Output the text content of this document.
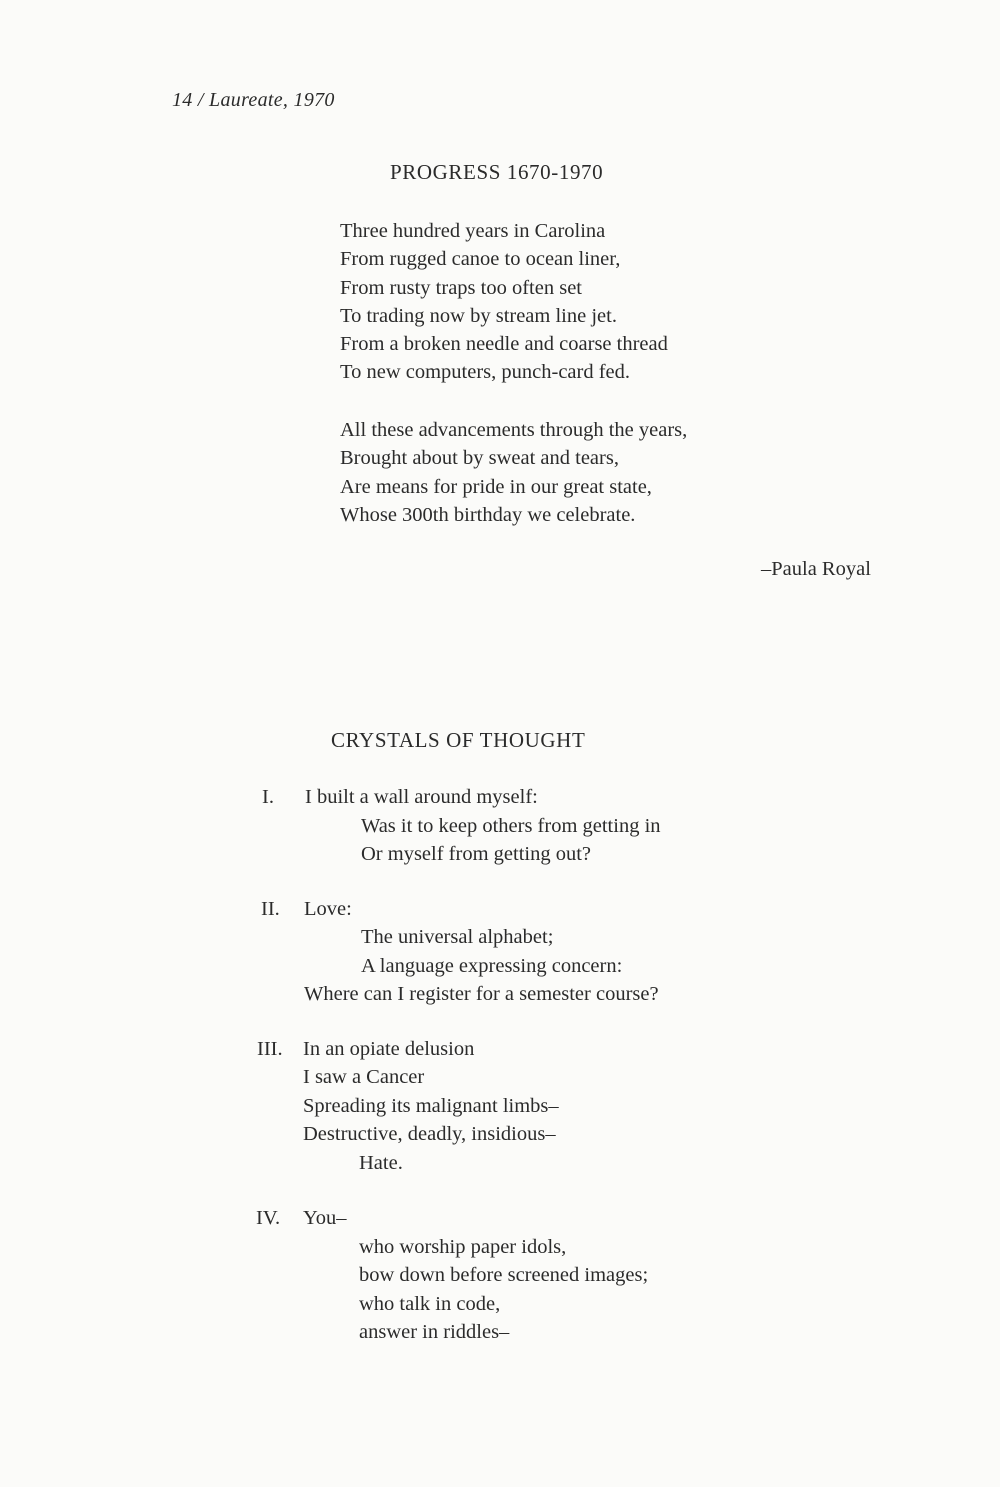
14 / Laureate, 1970
PROGRESS 1670-1970
Three hundred years in Carolina
From rugged canoe to ocean liner,
From rusty traps too often set
To trading now by stream line jet.
From a broken needle and coarse thread
To new computers, punch-card fed.
All these advancements through the years,
Brought about by sweat and tears,
Are means for pride in our great state,
Whose 300th birthday we celebrate.
–Paula Royal
CRYSTALS OF THOUGHT
I. I built a wall around myself:
Was it to keep others from getting in
Or myself from getting out?
II. Love:
The universal alphabet;
A language expressing concern:
Where can I register for a semester course?
III. In an opiate delusion
I saw a Cancer
Spreading its malignant limbs–
Destructive, deadly, insidious–
Hate.
IV. You–
who worship paper idols,
bow down before screened images;
who talk in code,
answer in riddles–
